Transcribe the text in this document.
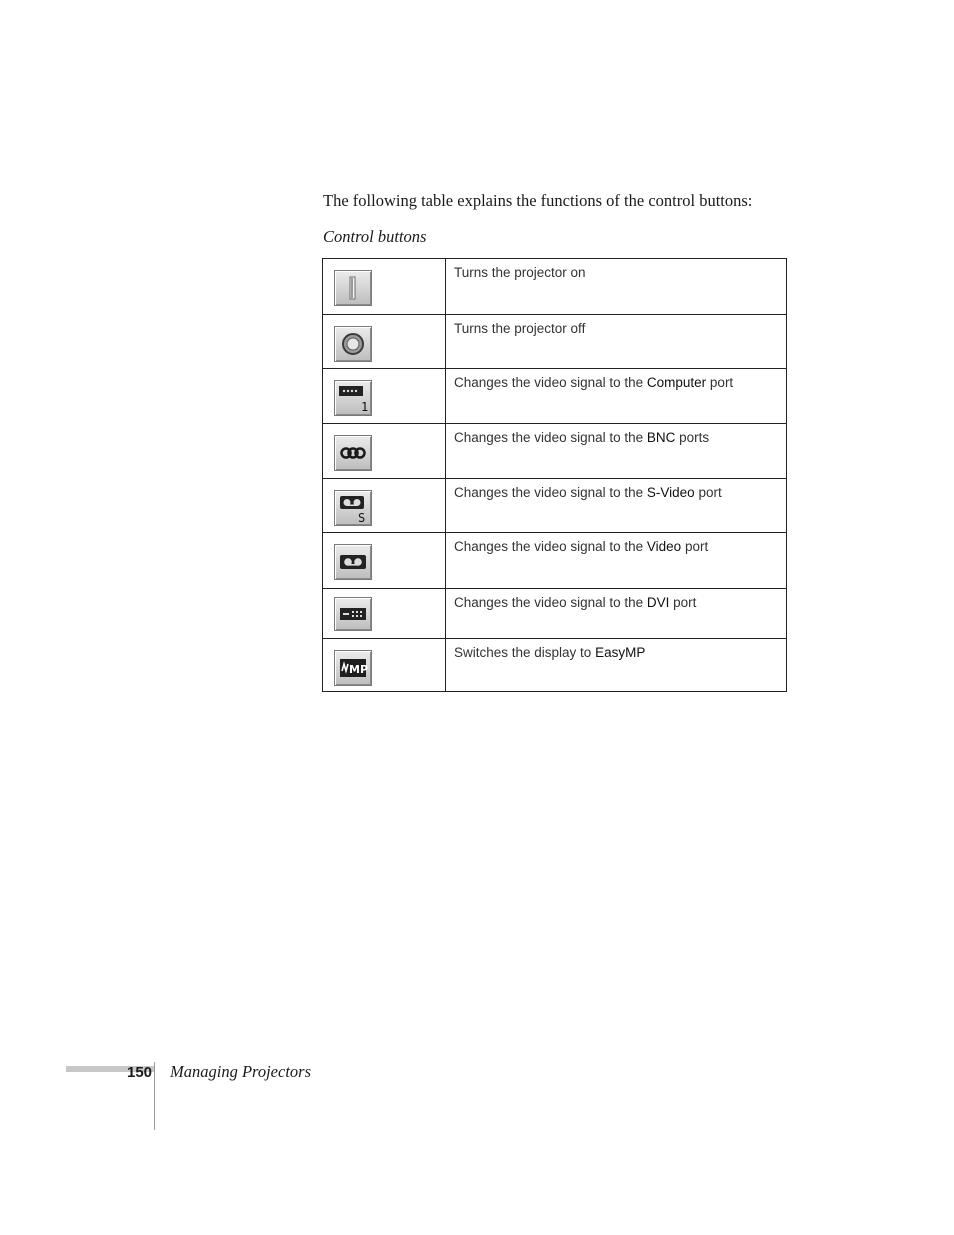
The following table explains the functions of the control buttons:
Control buttons
	Turns the projector on

	Turns the projector off

1	Changes the video signal to the Computer port

	Changes the video signal to the BNC ports

S	Changes the video signal to the S-Video port

	Changes the video signal to the Video port

	Changes the video signal to the DVI port

MP	Switches the display to EasyMP
150 Managing Projectors
